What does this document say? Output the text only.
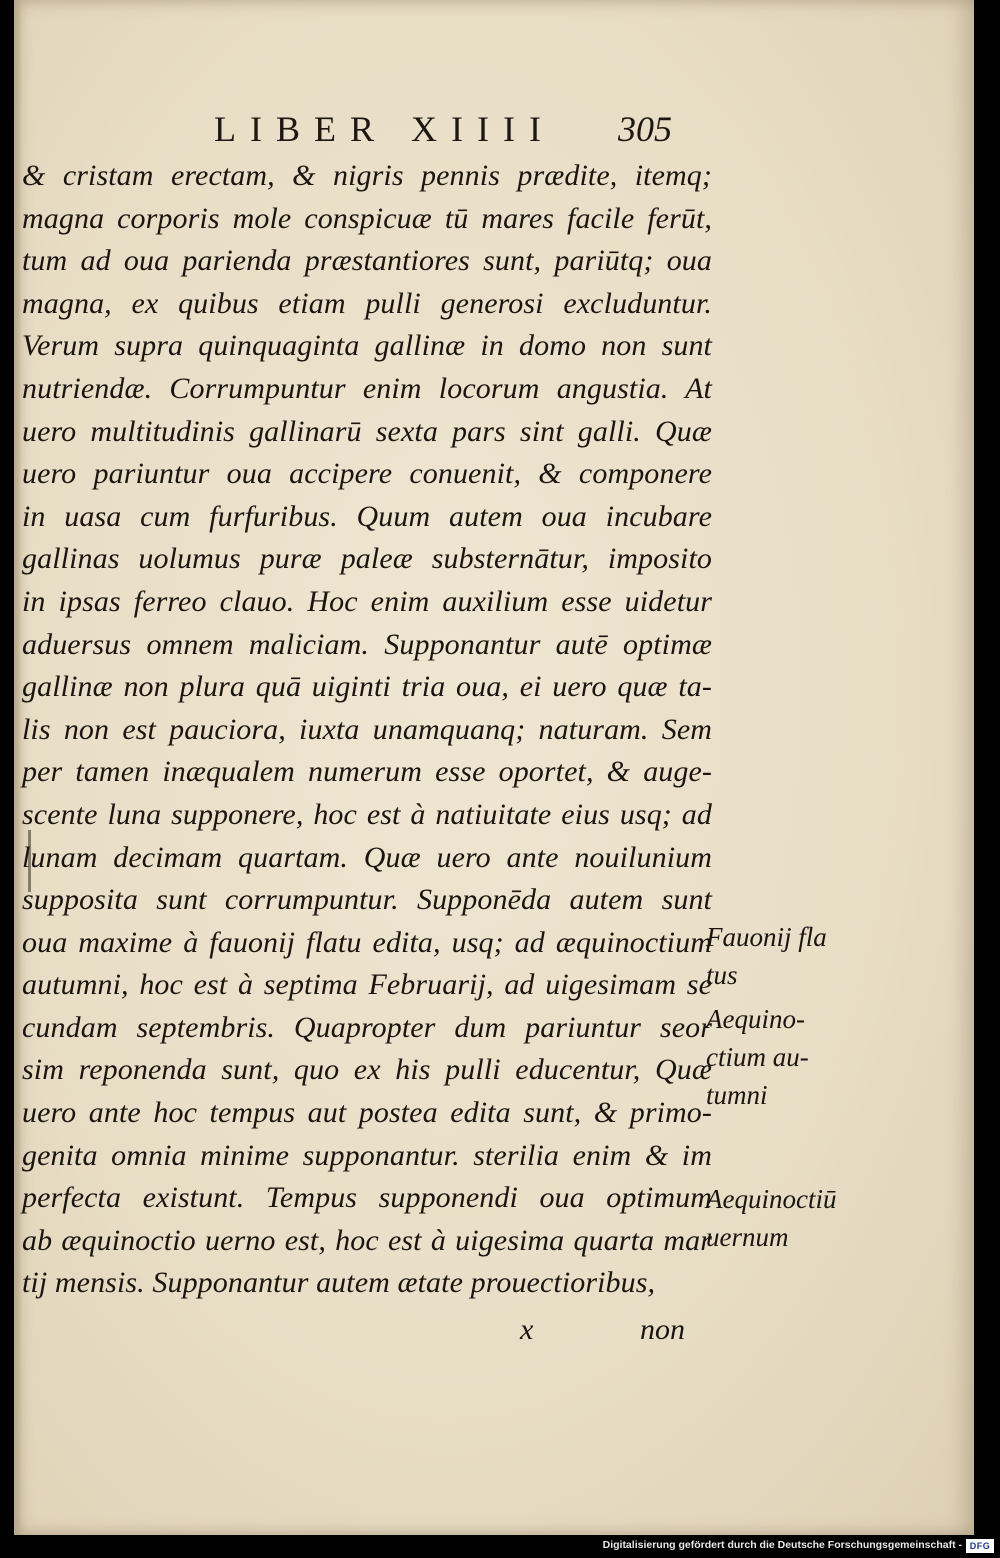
LIBER XIIII 305
& cristam erectam, & nigris pennis prædite, itemq;
magna corporis mole conspicuæ tū mares facile ferūt,
tum ad oua parienda præstantiores sunt, pariūtq; oua
magna, ex quibus etiam pulli generosi excluduntur.
Verum supra quinquaginta gallinæ in domo non sunt
nutriendæ. Corrumpuntur enim locorum angustia. At
uero multitudinis gallinarū sexta pars sint galli. Quæ
uero pariuntur oua accipere conuenit, & componere
in uasa cum furfuribus. Quum autem oua incubare
gallinas uolumus puræ paleæ substernātur, imposito
in ipsas ferreo clauo. Hoc enim auxilium esse uidetur
aduersus omnem maliciam. Supponantur autē optimæ
gallinæ non plura quā uiginti tria oua, ei uero quæ ta-
lis non est pauciora, iuxta unamquanq; naturam. Sem
per tamen inæqualem numerum esse oportet, & auge-
scente luna supponere, hoc est à natiuitate eius usq; ad
lunam decimam quartam. Quæ uero ante nouilunium
supposita sunt corrumpuntur. Supponēda autem sunt
oua maxime à fauonij flatu edita, usq; ad æquinoctium
autumni, hoc est à septima Februarij, ad uigesimam se
cundam septembris. Quapropter dum pariuntur seor
sim reponenda sunt, quo ex his pulli educentur, Quæ
uero ante hoc tempus aut postea edita sunt, & primo-
genita omnia minime supponantur. sterilia enim & im
perfecta existunt. Tempus supponendi oua optimum
ab æquinoctio uerno est, hoc est à uigesima quarta mar
tij mensis. Supponantur autem ætate prouectioribus,
Fauonij fla
tus
Aequino-
ctium au-
tumni
Aequinoctiū
uernum
x	non
Digitalisierung gefördert durch die Deutsche Forschungsgemeinschaft - DFG
